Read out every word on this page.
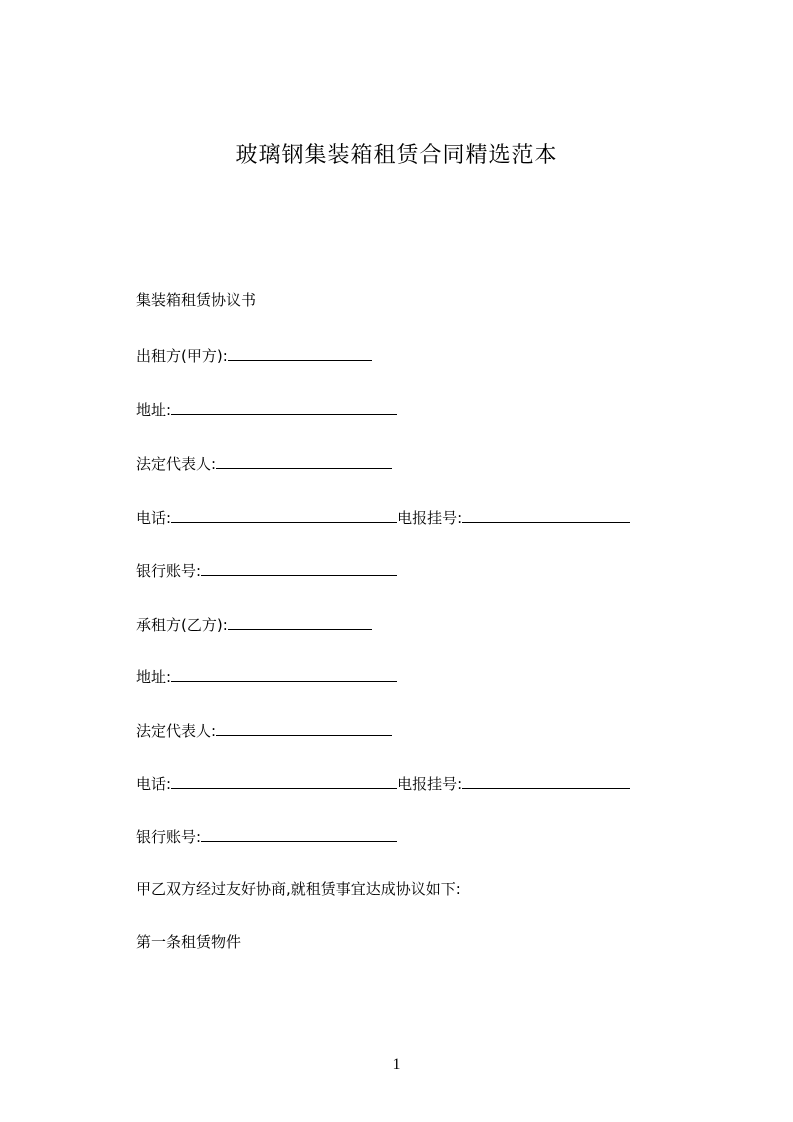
玻璃钢集装箱租赁合同精选范本
集装箱租赁协议书
出租方(甲方):
地址:
法定代表人:
电话:	电报挂号:
银行账号:
承租方(乙方):
地址:
法定代表人:
电话:	电报挂号:
银行账号:
甲乙双方经过友好协商,就租赁事宜达成协议如下:
第一条租赁物件
1
